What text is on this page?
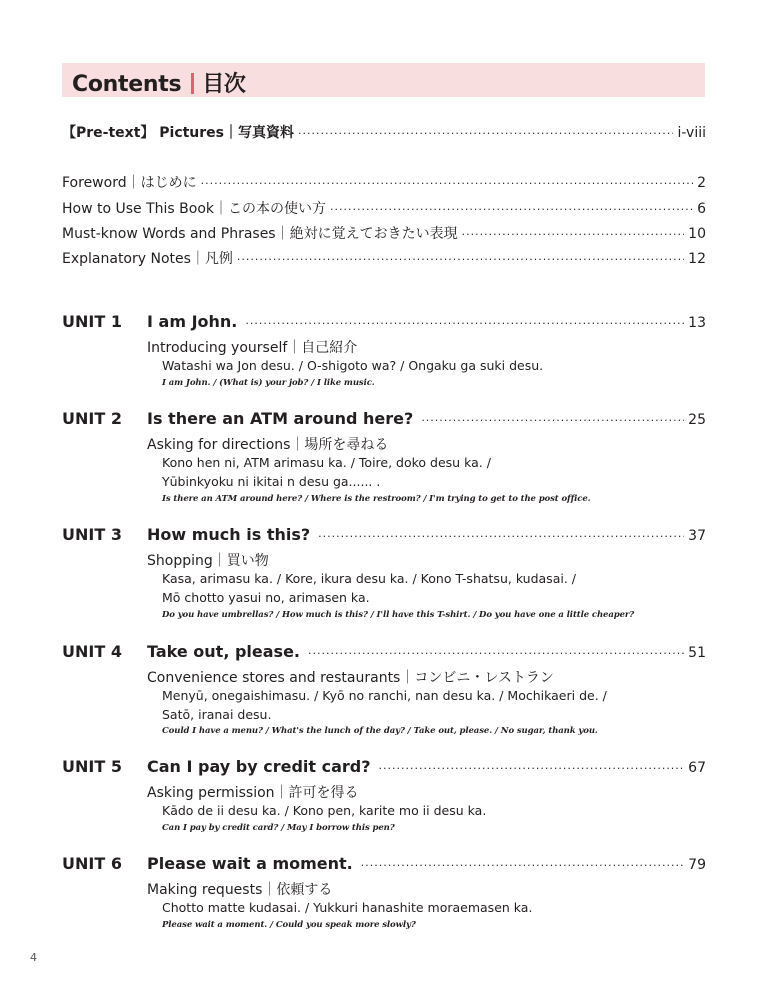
Contents 目次
【Pre-text】 Pictures｜写真資料 ·····	ⅰ-viii
Foreword｜はじめに ·····	2
How to Use This Book｜この本の使い方 ·····	6
Must-know Words and Phrases｜絶対に覚えておきたい表現 ·····	10
Explanatory Notes｜凡例 ·····	12
UNIT 1	I am John. ·····	13
Introducing yourself｜自己紹介
Watashi wa Jon desu. / O-shigoto wa? / Ongaku ga suki desu.
I am John. / (What is) your job? / I like music.
UNIT 2	Is there an ATM around here? ·····	25
Asking for directions｜場所を尋ねる
Kono hen ni, ATM arimasu ka. / Toire, doko desu ka. /
Yūbinkyoku ni ikitai n desu ga...... .
Is there an ATM around here? / Where is the restroom? / I'm trying to get to the post office.
UNIT 3	How much is this? ·····	37
Shopping｜買い物
Kasa, arimasu ka. / Kore, ikura desu ka. / Kono T-shatsu, kudasai. /
Mō chotto yasui no, arimasen ka.
Do you have umbrellas? / How much is this? / I'll have this T-shirt. / Do you have one a little cheaper?
UNIT 4	Take out, please. ·····	51
Convenience stores and restaurants｜コンビニ・レストラン
Menyū, onegaishimasu. / Kyō no ranchi, nan desu ka. / Mochikaeri de. /
Satō, iranai desu.
Could I have a menu? / What's the lunch of the day? / Take out, please. / No sugar, thank you.
UNIT 5	Can I pay by credit card? ·····	67
Asking permission｜許可を得る
Kādo de ii desu ka. / Kono pen, karite mo ii desu ka.
Can I pay by credit card? / May I borrow this pen?
UNIT 6	Please wait a moment. ·····	79
Making requests｜依頼する
Chotto matte kudasai. / Yukkuri hanashite moraemasen ka.
Please wait a moment. / Could you speak more slowly?
4
